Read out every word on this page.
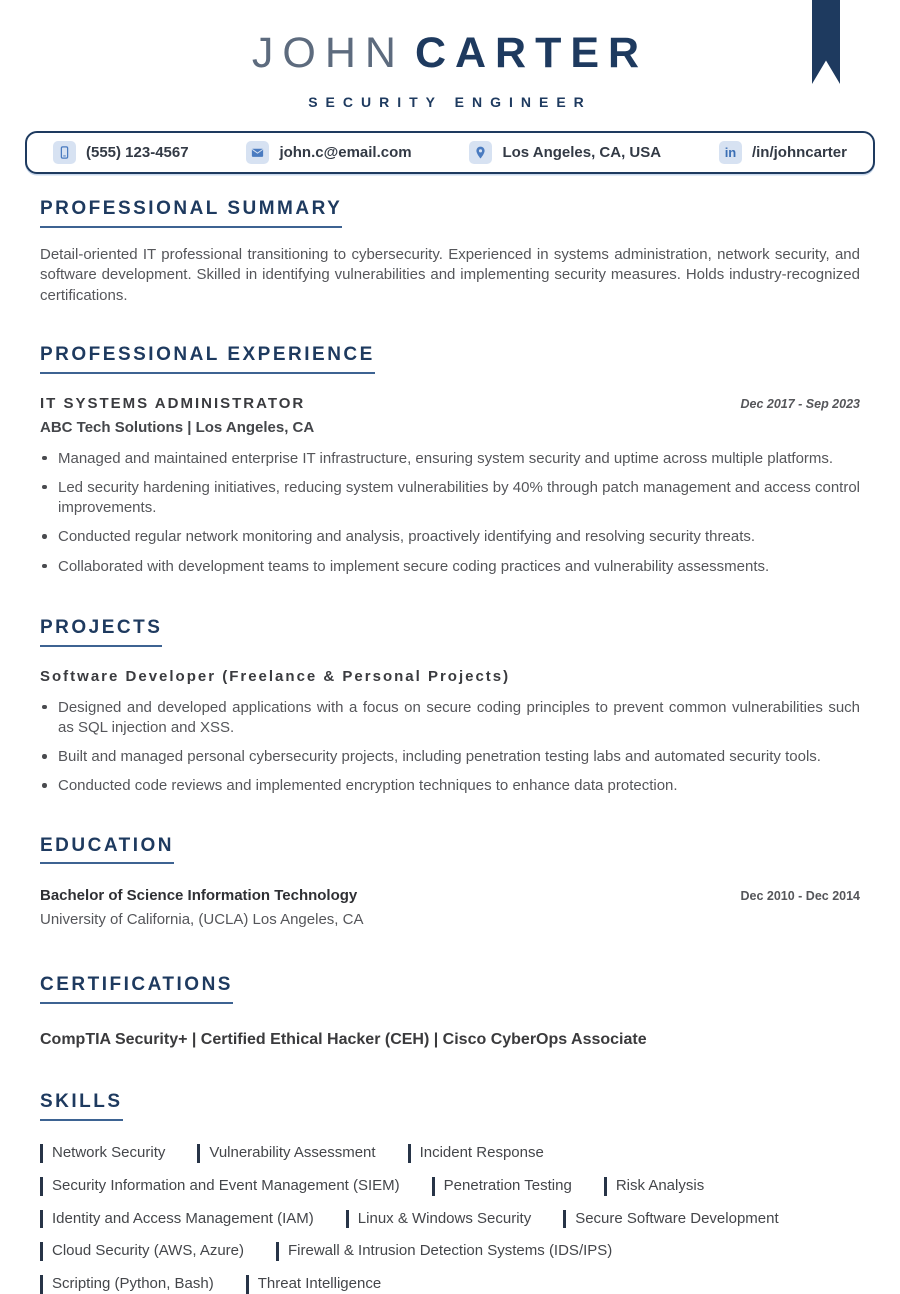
JOHN CARTER
SECURITY ENGINEER
(555) 123-4567	john.c@email.com	Los Angeles, CA, USA	in	/in/johncarter
PROFESSIONAL SUMMARY

Detail-oriented IT professional transitioning to cybersecurity. Experienced in systems administration, network security, and software development. Skilled in identifying vulnerabilities and implementing security measures. Holds industry-recognized certifications.

PROFESSIONAL EXPERIENCE
IT SYSTEMS ADMINISTRATOR	Dec 2017 - Sep 2023
ABC Tech Solutions | Los Angeles, CA
Managed and maintained enterprise IT infrastructure, ensuring system security and uptime across multiple platforms.
Led security hardening initiatives, reducing system vulnerabilities by 40% through patch management and access control improvements.
Conducted regular network monitoring and analysis, proactively identifying and resolving security threats.
Collaborated with development teams to implement secure coding practices and vulnerability assessments.
PROJECTS
Software Developer (Freelance & Personal Projects)
Designed and developed applications with a focus on secure coding principles to prevent common vulnerabilities such as SQL injection and XSS.
Built and managed personal cybersecurity projects, including penetration testing labs and automated security tools.
Conducted code reviews and implemented encryption techniques to enhance data protection.
EDUCATION
Bachelor of Science Information Technology	Dec 2010 - Dec 2014
University of California, (UCLA) Los Angeles, CA
CERTIFICATIONS
CompTIA Security+ | Certified Ethical Hacker (CEH) | Cisco CyberOps Associate
SKILLS
Network Security	Vulnerability Assessment	Incident Response
Security Information and Event Management (SIEM)	Penetration Testing	Risk Analysis
Identity and Access Management (IAM)	Linux & Windows Security	Secure Software Development
Cloud Security (AWS, Azure)	Firewall & Intrusion Detection Systems (IDS/IPS)
Scripting (Python, Bash)	Threat Intelligence
